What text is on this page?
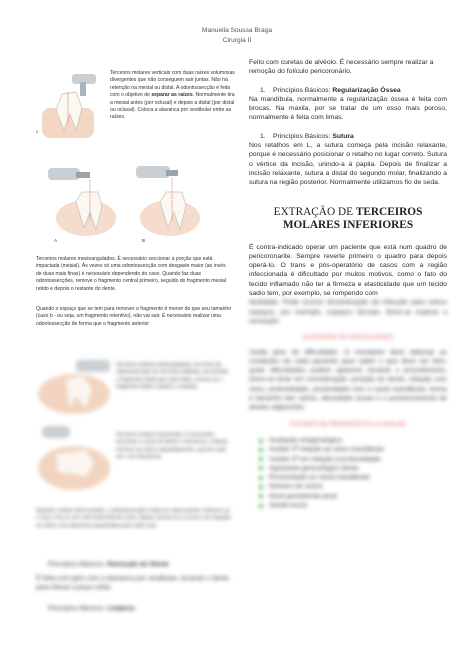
Manuella Soussa Braga
Cirurgia II
c
Terceiros molares verticais com duas raízes volumosas divergentes que não conseguem sair juntas. Não há retenção na mesial ou distal. A odontossecção é feita com o objetivo de separar as raízes. Normalmente tira a mesial antes (por oclusal) e depois a distal (por distal ou oclusal). Coloca a alavanca por vestibular entre as raízes.
A	B
Terceiros molares mesioangulados. É necessário seccionar a porção que está impactada (mesial). Às vezes só uma odontossecção com desgaste maior (ao invés de duas mais finas) é necessário dependendo do caso. Quando faz duas odontossecções, remove o fragmento central primeiro, seguido do fragmento mesial retido e depois o restante do dente.
Quando o espaço que se tem para remover o fragmento é menor do que seu tamanho (caso b - ou seja, um fragmento retentivo), não vai sair. É necessário realizar uma odontossecção de forma que o fragmento anterior
Terceiros molares distoangulados. Ao invés da odontossecção ser de forma habitual, seccionado o fragmento distal que está retido, remove-se o fragmento distal e depois o restante.
Terceiros molares horizontais. É necessário seccionar a coroa do dente e removê-la, e depois remover as raízes separadamente, uma de cada vez, com alavancas.
Quando o dente está invertido, a odontossecção é feita em vários pontos. Remove-se o osso e faz-se um corte horizontal da coroa, depois remove-se a coroa e em seguida as raízes com alavancas apropriadas para cada caso.
Princípios Básicos: Remoção do Dente
É feita com gelo com a alavanca por vestibular, tocando o dente para deixar a peça voltar.
Princípios Básicos: Limpeza
Feito com curetas de alvéolo. É necessário sempre realizar a remoção do folículo pericoronário.
1.	Princípios Básicos: Regularização Óssea
Na mandíbula, normalmente a regularização óssea é feita com brocas. Na maxila, por se tratar de um osso mais poroso, normalmente é feita com limas.
1.	Princípios Básicos: Sutura
Nos retalhos em L, a sutura começa pela incisão relaxante, porque é necessário posicionar o retalho no lugar correto. Sutura o vértice da incisão, unindo-a à papila. Depois de finalizar a incisão relaxante, sutura a distal do segundo molar, finalizando a sutura na região posterior. Normalmente utilizamos fio de seda.
EXTRAÇÃO DE TERCEIROS MOLARES INFERIORES
É contra-indicado operar um paciente que está num quadro de pericoronarite. Sempre reverte primeiro o quadro para depois operá-lo. O trans e pós-operatório de casos com a região infeccionada é dificultado por muitos motivos, como o fato do tecido inflamado não ter a firmeza e elasticidade que um tecido sadio tem, por exemplo, se rompendo com
facilidade. Pode ocorrer disseminação da infecção para outros espaços, por exemplo, espaços fasciais. Deve-se esperar a resolução.
GLOSSÁRIO DE DIFICULDADES
Avalia grau de dificuldade. O estudante deve detectar as condições de cada paciente para saber o que deve ser feito, quais dificuldades podem aparecer durante o procedimento. Deve-se levar em consideração: posição do dente, relação com ramo, profundidade, proximidade com o canal mandibular, forma e tamanho das raízes, densidade óssea e o posicionamento de dentes adjacentes.
FATORES DE PROGNÓSTICO & ANÁLISE
Avaliação imaginológica
Avaliar 3ª relação ao ramo mandibular
Avaliar 3ª em relação à profundidade
Agravante ginecológico dente
Proximidade ao canal mandibular
Número de raízes
Nível periodontal atual
Saúde bucal
